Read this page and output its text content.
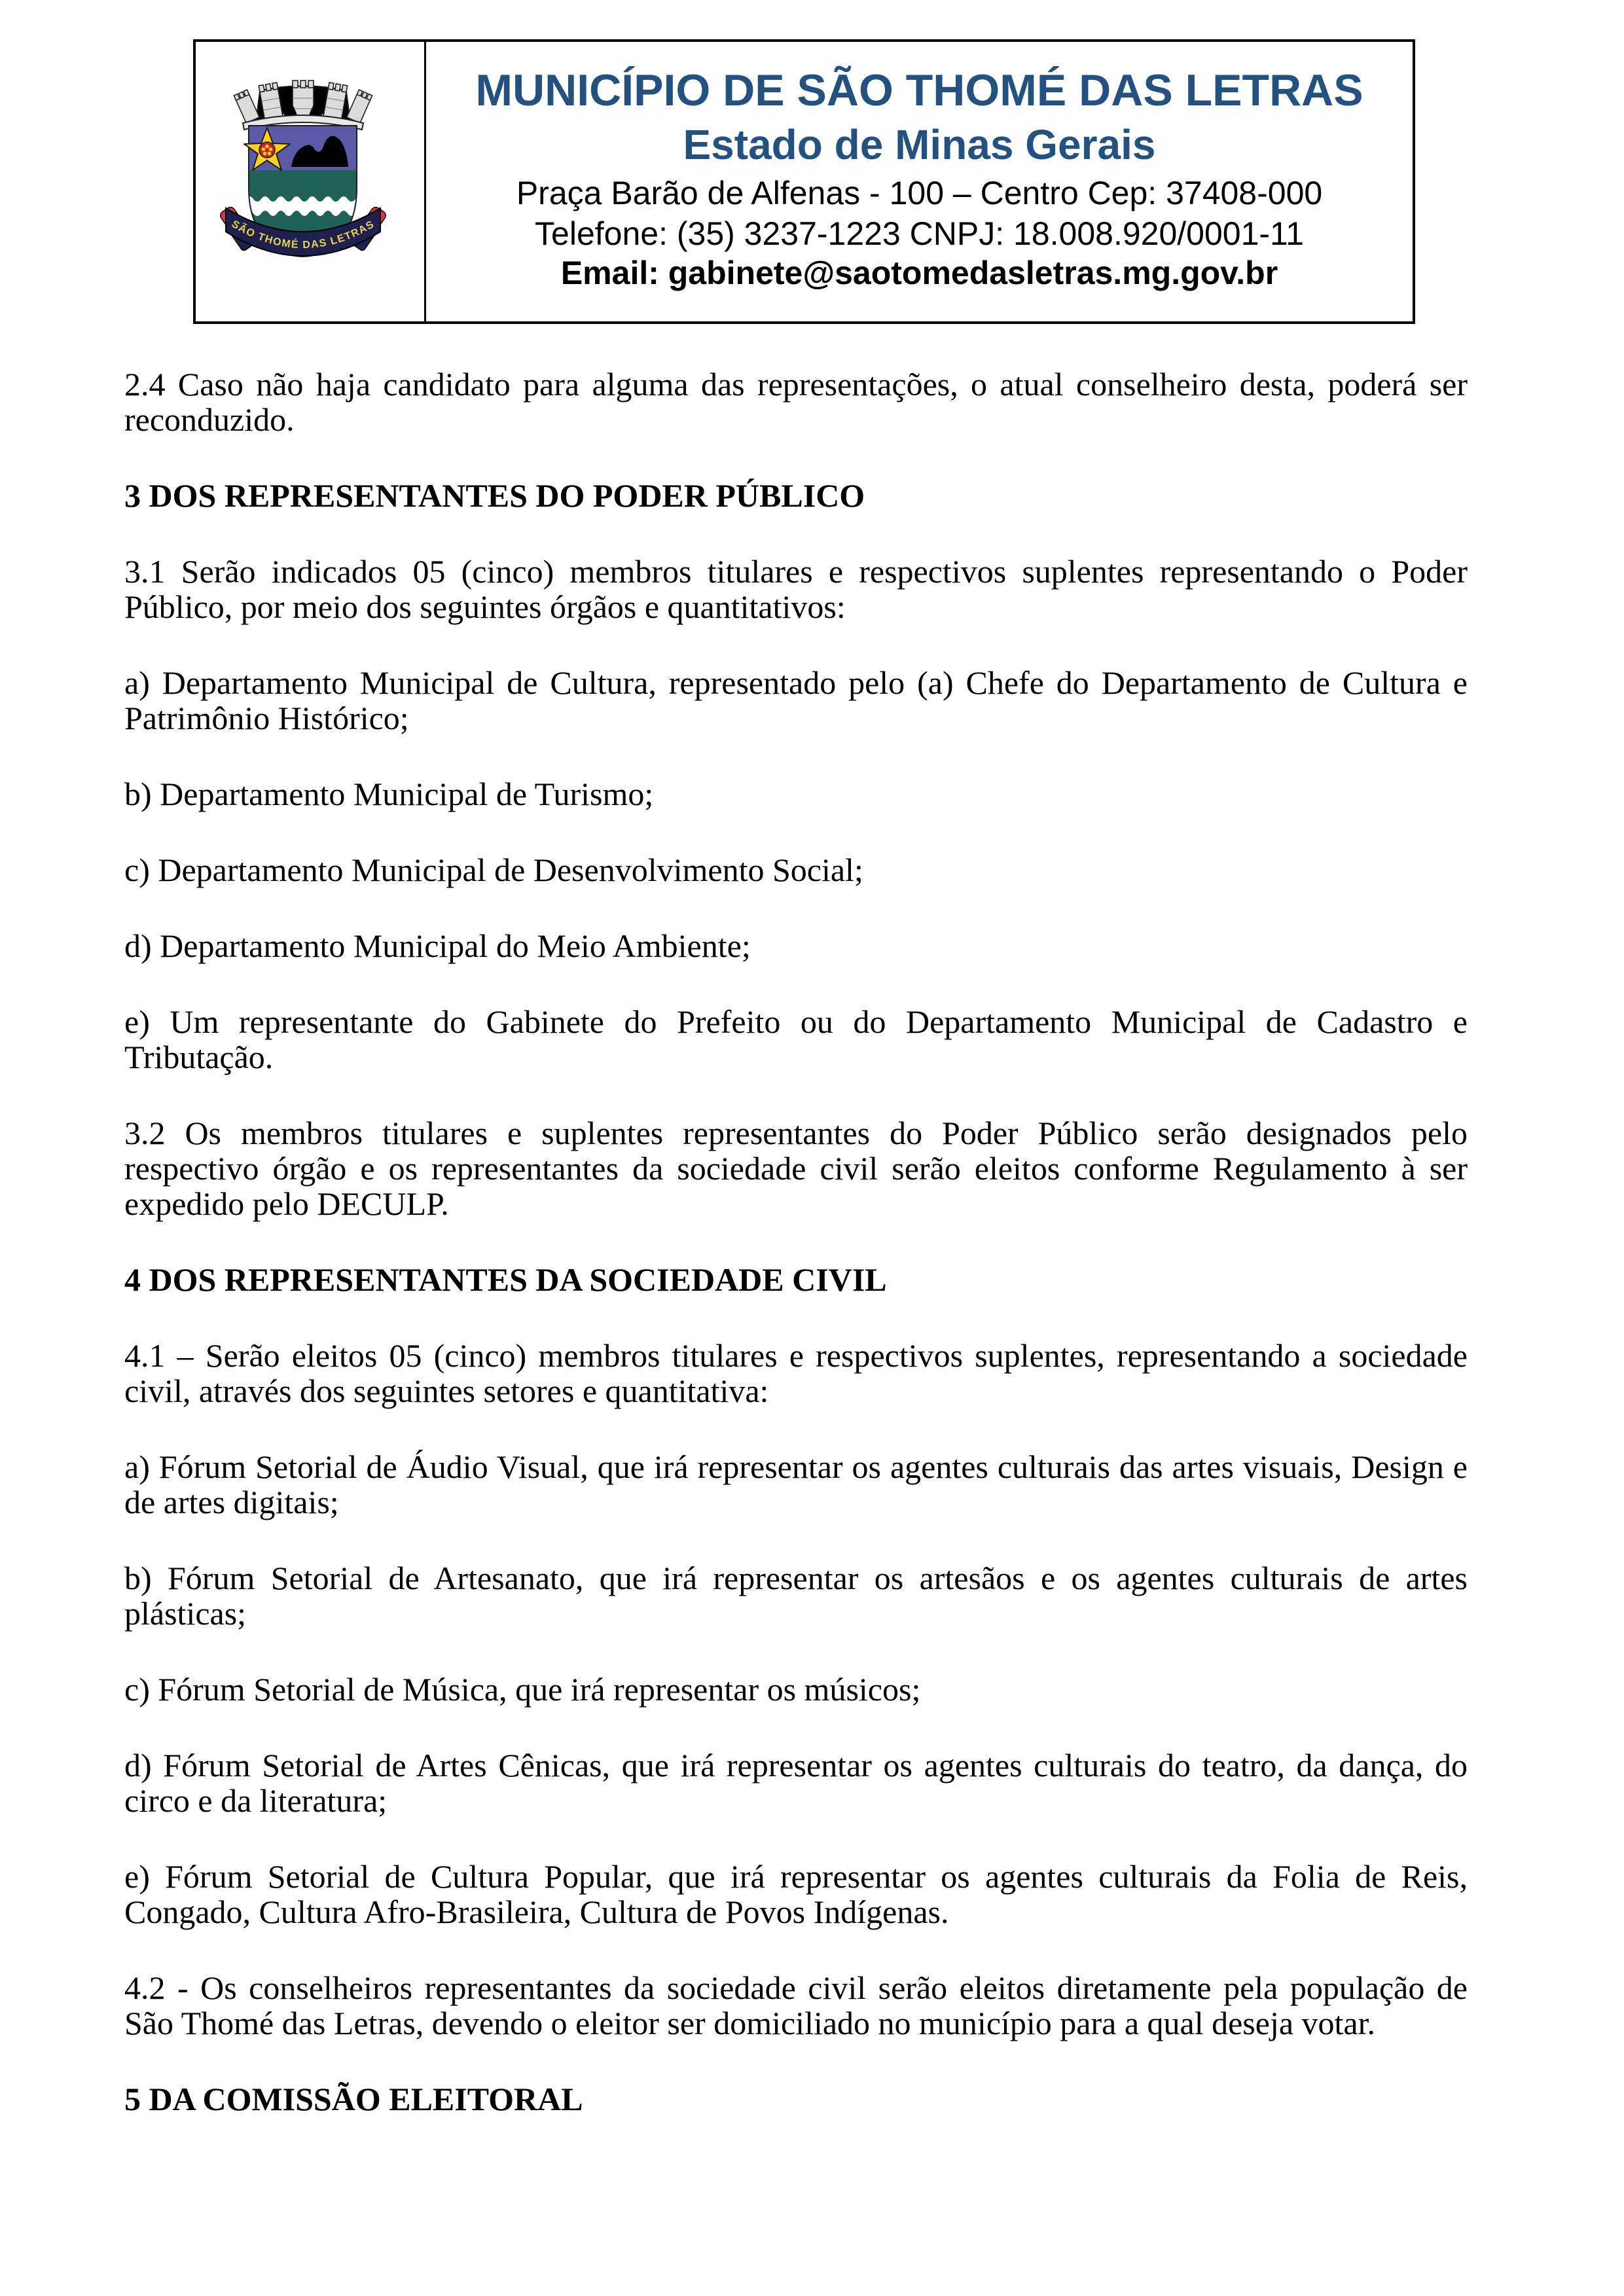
SÃO THOMÉ DAS LETRAS
MUNICÍPIO DE SÃO THOMÉ DAS LETRAS
Estado de Minas Gerais
Praça Barão de Alfenas - 100 – Centro Cep: 37408-000
Telefone: (35) 3237-1223 CNPJ: 18.008.920/0001-11
Email: gabinete@saotomedasletras.mg.gov.br

2.4 Caso não haja candidato para alguma das representações, o atual conselheiro desta, poderá ser reconduzido.

3 DOS REPRESENTANTES DO PODER PÚBLICO

3.1 Serão indicados 05 (cinco) membros titulares e respectivos suplentes representando o Poder Público, por meio dos seguintes órgãos e quantitativos:

a) Departamento Municipal de Cultura, representado pelo (a) Chefe do Departamento de Cultura e Patrimônio Histórico;

b) Departamento Municipal de Turismo;

c) Departamento Municipal de Desenvolvimento Social;

d) Departamento Municipal do Meio Ambiente;

e) Um representante do Gabinete do Prefeito ou do Departamento Municipal de Cadastro e Tributação.

3.2 Os membros titulares e suplentes representantes do Poder Público serão designados pelo respectivo órgão e os representantes da sociedade civil serão eleitos conforme Regulamento à ser expedido pelo DECULP.

4 DOS REPRESENTANTES DA SOCIEDADE CIVIL

4.1 – Serão eleitos 05 (cinco) membros titulares e respectivos suplentes, representando a sociedade civil, através dos seguintes setores e quantitativa:

a) Fórum Setorial de Áudio Visual, que irá representar os agentes culturais das artes visuais, Design e de artes digitais;

b) Fórum Setorial de Artesanato, que irá representar os artesãos e os agentes culturais de artes plásticas;

c) Fórum Setorial de Música, que irá representar os músicos;

d) Fórum Setorial de Artes Cênicas, que irá representar os agentes culturais do teatro, da dança, do circo e da literatura;

e) Fórum Setorial de Cultura Popular, que irá representar os agentes culturais da Folia de Reis, Congado, Cultura Afro-Brasileira, Cultura de Povos Indígenas.

4.2 - Os conselheiros representantes da sociedade civil serão eleitos diretamente pela população de São Thomé das Letras, devendo o eleitor ser domiciliado no município para a qual deseja votar.

5 DA COMISSÃO ELEITORAL
